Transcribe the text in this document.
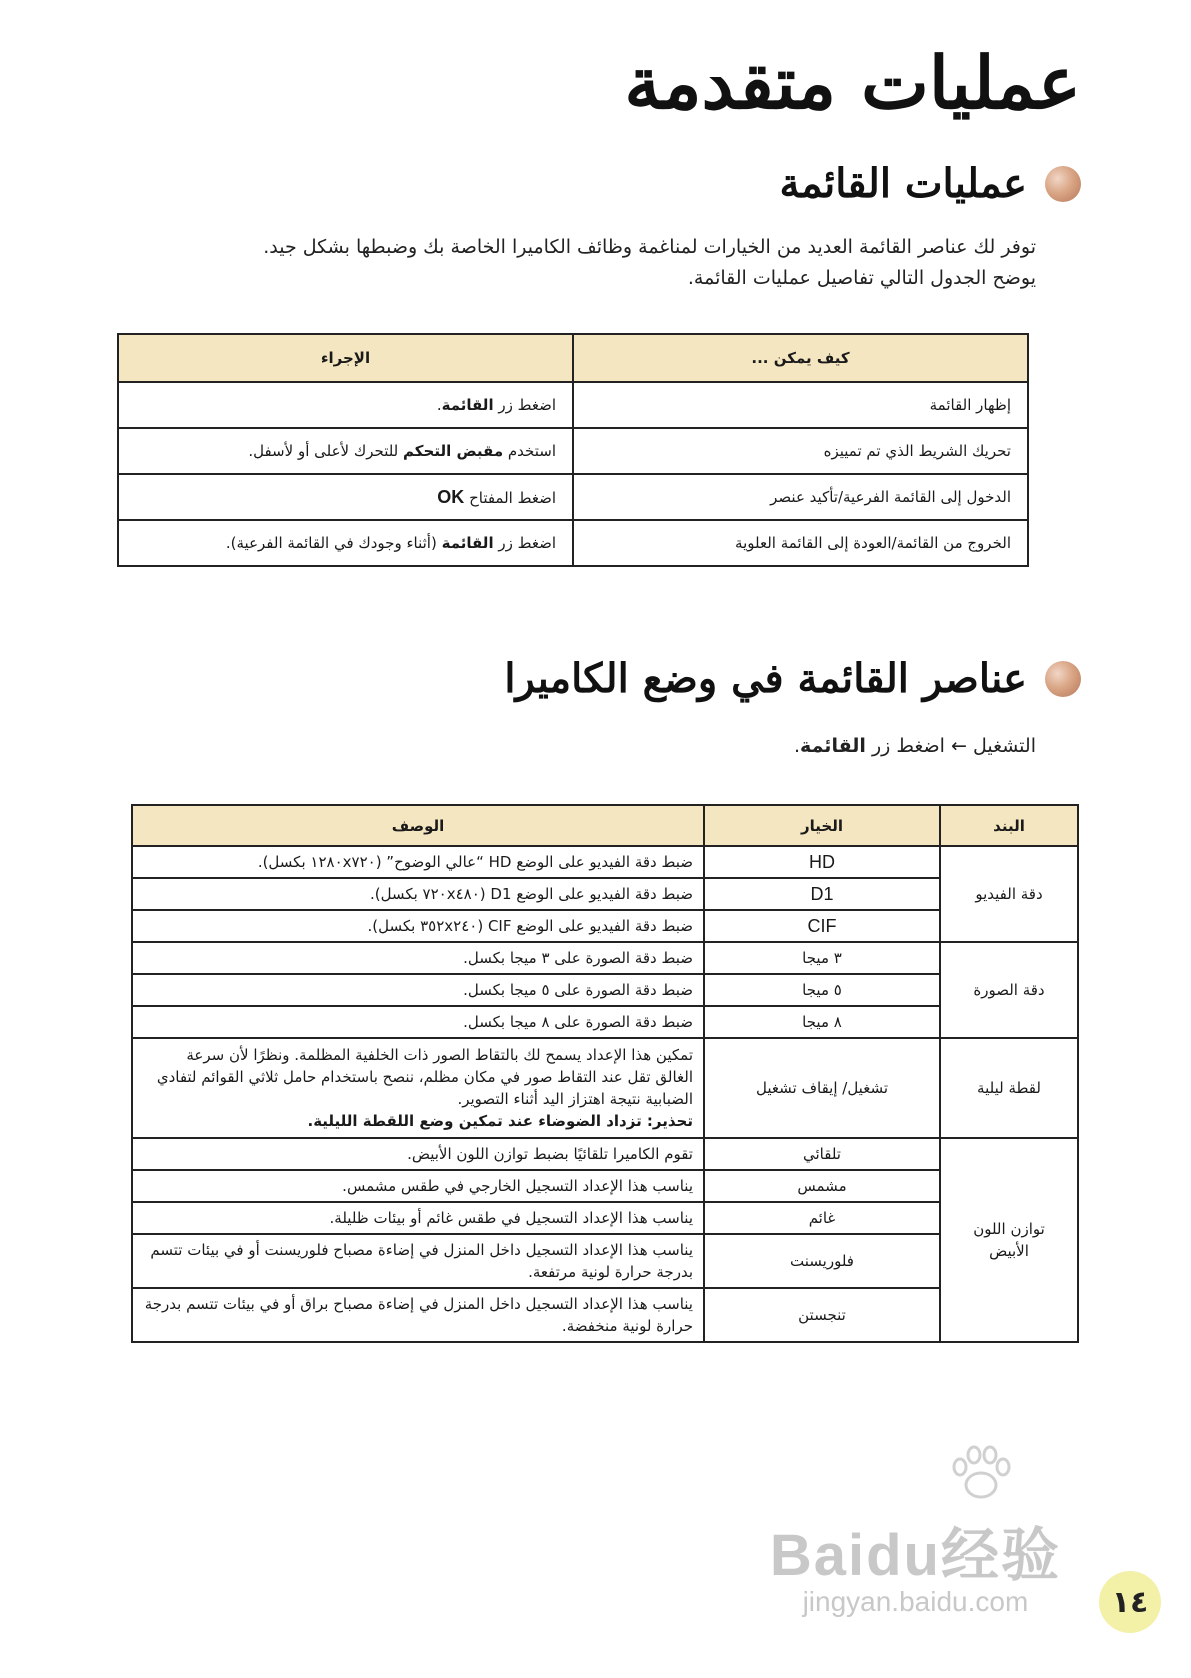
عمليات متقدمة
عمليات القائمة

توفر لك عناصر القائمة العديد من الخيارات لمناغمة وظائف الكاميرا الخاصة بك وضبطها بشكل جيد.

يوضح الجدول التالي تفاصيل عمليات القائمة.

كيف يمكن ...	الإجراء
إظهار القائمة	اضغط زر القائمة.
تحريك الشريط الذي تم تمييزه	استخدم مقبض التحكم للتحرك لأعلى أو لأسفل.
الدخول إلى القائمة الفرعية/تأكيد عنصر	اضغط المفتاح OK
الخروج من القائمة/العودة إلى القائمة العلوية	اضغط زر القائمة (أثناء وجودك في القائمة الفرعية).
عناصر القائمة في وضع الكاميرا
التشغيل ← اضغط زر القائمة.
البند	الخيار	الوصف
دقة الفيديو	HD	ضبط دقة الفيديو على الوضع HD “عالي الوضوح” (١٢٨٠x٧٢٠ بكسل).
	D1	ضبط دقة الفيديو على الوضع D1 (٧٢٠x٤٨٠ بكسل).
	CIF	ضبط دقة الفيديو على الوضع CIF (٣٥٢x٢٤٠ بكسل).
دقة الصورة	٣ ميجا	ضبط دقة الصورة على ٣ ميجا بكسل.
	٥ ميجا	ضبط دقة الصورة على ٥ ميجا بكسل.
	٨ ميجا	ضبط دقة الصورة على ٨ ميجا بكسل.
لقطة ليلية	تشغيل/ إيقاف تشغيل	تمكين هذا الإعداد يسمح لك بالتقاط الصور ذات الخلفية المظلمة. ونظرًا لأن سرعة
الغالق تقل عند التقاط صور في مكان مظلم، ننصح باستخدام حامل ثلاثي القوائم لتفادي
الضبابية نتيجة اهتزاز اليد أثناء التصوير.
تحذير: تزداد الضوضاء عند تمكين وضع اللقطة الليلية.

توازن اللون الأبيض	تلقائي	تقوم الكاميرا تلقائيًا بضبط توازن اللون الأبيض.
	مشمس	يناسب هذا الإعداد التسجيل الخارجي في طقس مشمس.
	غائم	يناسب هذا الإعداد التسجيل في طقس غائم أو بيئات ظليلة.
	فلوريسنت	يناسب هذا الإعداد التسجيل داخل المنزل في إضاءة مصباح فلوريسنت أو في بيئات تتسم بدرجة حرارة لونية مرتفعة.
	تنجستن	يناسب هذا الإعداد التسجيل داخل المنزل في إضاءة مصباح براق أو في بيئات تتسم بدرجة حرارة لونية منخفضة.
Baidu经验
jingyan.baidu.com	١٤
